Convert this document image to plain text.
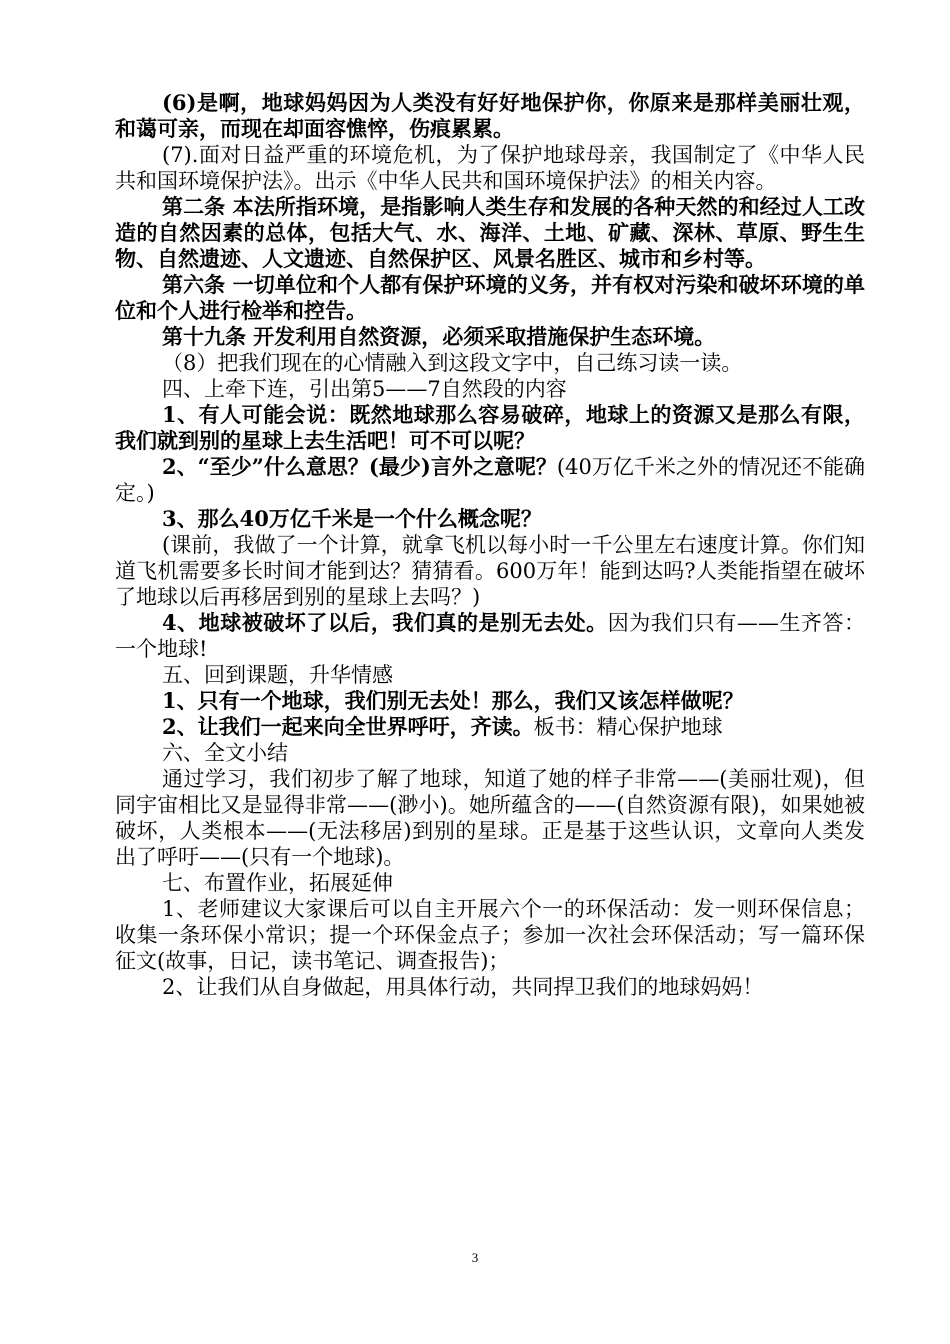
(6)是啊，地球妈妈因为人类没有好好地保护你，你原来是那样美丽壮观，和蔼可亲，而现在却面容憔悴，伤痕累累。

(7).面对日益严重的环境危机，为了保护地球母亲，我国制定了《中华人民共和国环境保护法》。出示《中华人民共和国环境保护法》的相关内容。

第二条 本法所指环境，是指影响人类生存和发展的各种天然的和经过人工改造的自然因素的总体，包括大气、水、海洋、土地、矿藏、深林、草原、野生生物、自然遗迹、人文遗迹、自然保护区、风景名胜区、城市和乡村等。

第六条 一切单位和个人都有保护环境的义务，并有权对污染和破坏环境的单位和个人进行检举和控告。

第十九条 开发利用自然资源，必须采取措施保护生态环境。

（8）把我们现在的心情融入到这段文字中，自己练习读一读。

四、上牵下连，引出第5——7自然段的内容

1、有人可能会说：既然地球那么容易破碎，地球上的资源又是那么有限，我们就到别的星球上去生活吧！可不可以呢？

2、“至少”什么意思？(最少)言外之意呢？(40万亿千米之外的情况还不能确定。)

3、那么40万亿千米是一个什么概念呢？

(课前，我做了一个计算，就拿飞机以每小时一千公里左右速度计算。你们知道飞机需要多长时间才能到达？猜猜看。600万年！能到达吗?人类能指望在破坏了地球以后再移居到别的星球上去吗？)

4、地球被破坏了以后，我们真的是别无去处。因为我们只有——生齐答：一个地球!

五、回到课题，升华情感

1、只有一个地球，我们别无去处！那么，我们又该怎样做呢？

2、让我们一起来向全世界呼吁，齐读。板书：精心保护地球

六、全文小结

通过学习，我们初步了解了地球，知道了她的样子非常——(美丽壮观)，但同宇宙相比又是显得非常——(渺小)。她所蕴含的——(自然资源有限)，如果她被破坏，人类根本——(无法移居)到别的星球。正是基于这些认识，文章向人类发出了呼吁——(只有一个地球)。

七、布置作业，拓展延伸

1、老师建议大家课后可以自主开展六个一的环保活动：发一则环保信息；收集一条环保小常识；提一个环保金点子；参加一次社会环保活动；写一篇环保征文(故事，日记，读书笔记、调查报告)；

2、让我们从自身做起，用具体行动，共同捍卫我们的地球妈妈！

3
